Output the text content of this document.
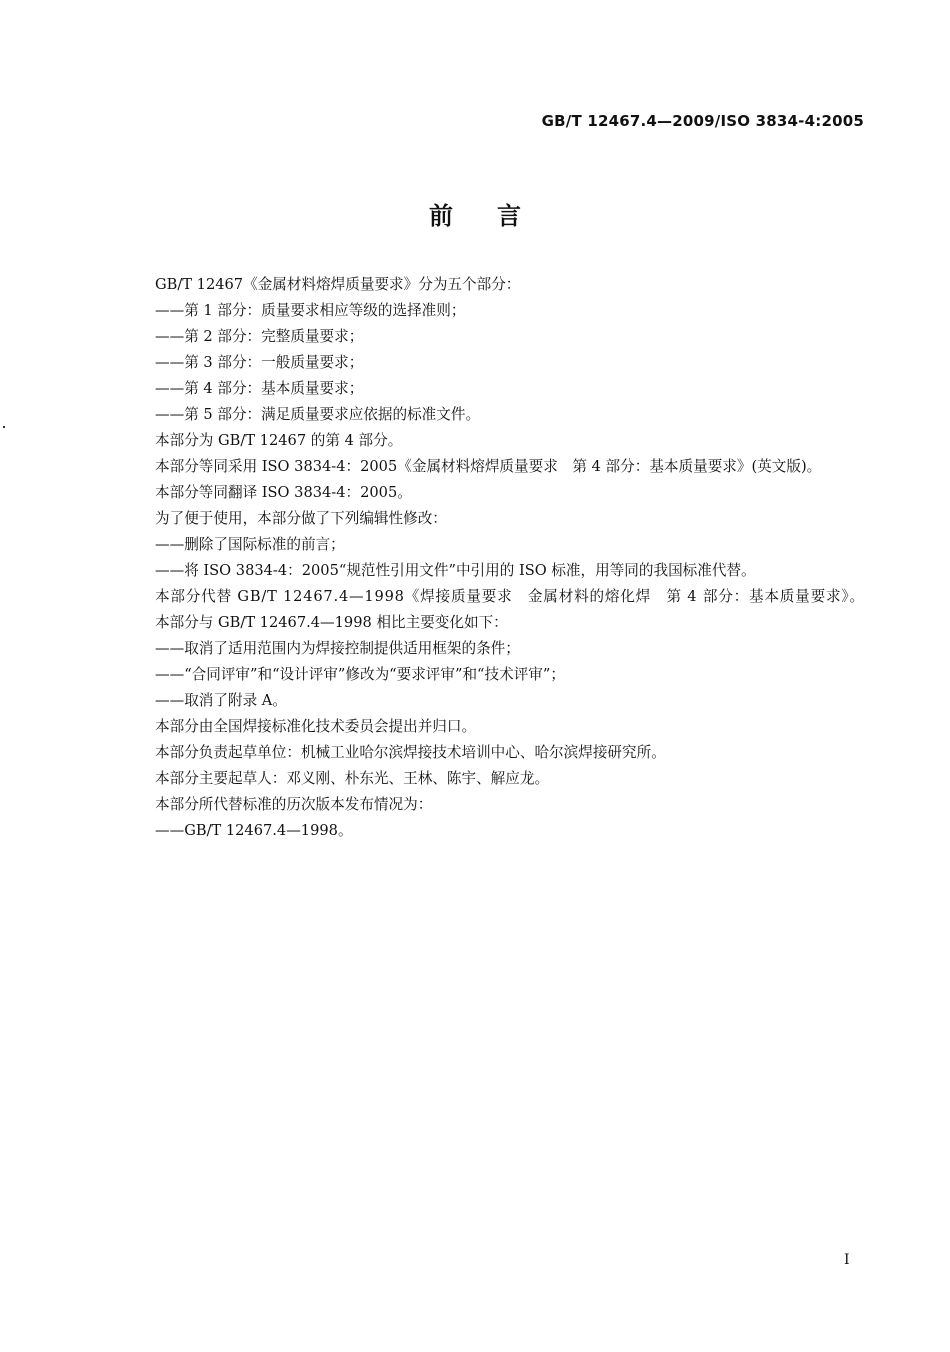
GB/T 12467.4—2009/ISO 3834-4:2005
前言

GB/T 12467《金属材料熔焊质量要求》分为五个部分：

——第 1 部分：质量要求相应等级的选择准则；

——第 2 部分：完整质量要求；

——第 3 部分：一般质量要求；

——第 4 部分：基本质量要求；

——第 5 部分：满足质量要求应依据的标准文件。

本部分为 GB/T 12467 的第 4 部分。

本部分等同采用 ISO 3834-4：2005《金属材料熔焊质量要求　第 4 部分：基本质量要求》(英文版)。

本部分等同翻译 ISO 3834-4：2005。

为了便于使用，本部分做了下列编辑性修改：

——删除了国际标准的前言；

——将 ISO 3834-4：2005“规范性引用文件”中引用的 ISO 标准，用等同的我国标准代替。

本部分代替 GB/T 12467.4—1998《焊接质量要求　金属材料的熔化焊　第 4 部分：基本质量要求》。

本部分与 GB/T 12467.4—1998 相比主要变化如下：

——取消了适用范围内为焊接控制提供适用框架的条件；

——“合同评审”和“设计评审”修改为“要求评审”和“技术评审”；

——取消了附录 A。

本部分由全国焊接标准化技术委员会提出并归口。

本部分负责起草单位：机械工业哈尔滨焊接技术培训中心、哈尔滨焊接研究所。

本部分主要起草人：邓义刚、朴东光、王林、陈宇、解应龙。

本部分所代替标准的历次版本发布情况为：

——GB/T 12467.4—1998。

I
